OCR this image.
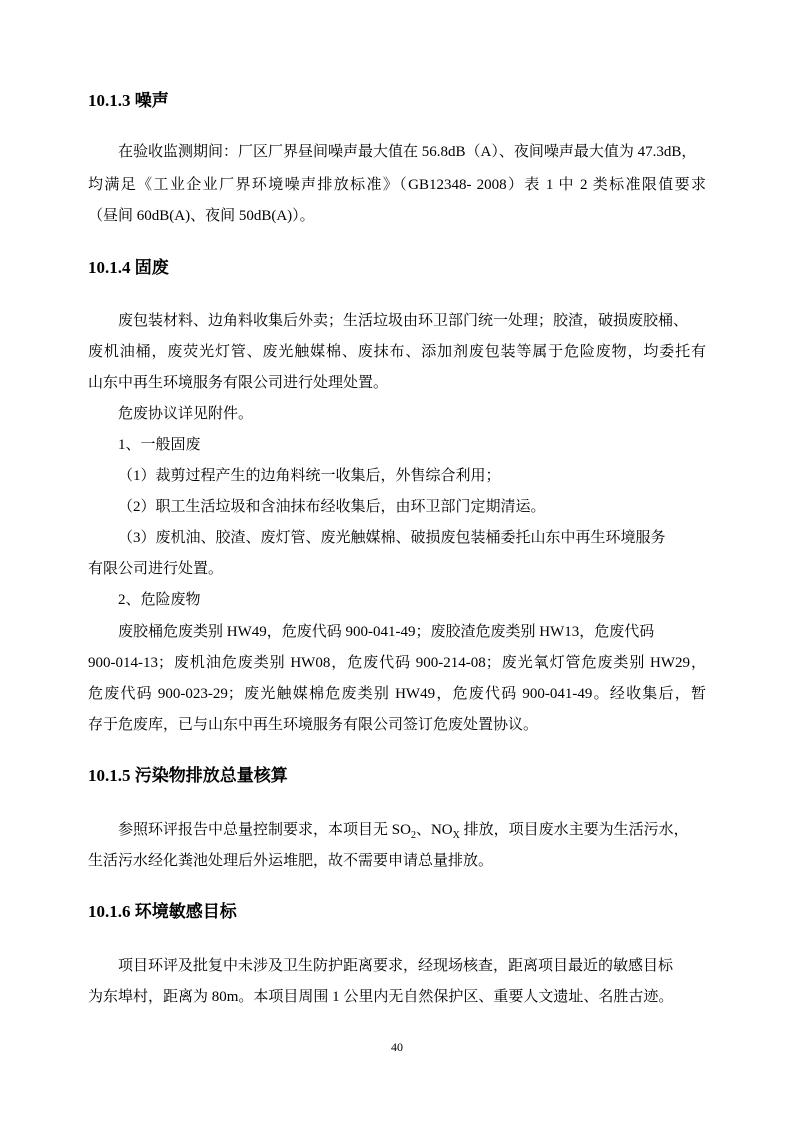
10.1.3 噪声
在验收监测期间：厂区厂界昼间噪声最大值在 56.8dB（A）、夜间噪声最大值为 47.3dB，
均满足《工业企业厂界环境噪声排放标准》（GB12348- 2008）表 1 中 2 类标准限值要求
（昼间 60dB(A)、夜间 50dB(A)）。
10.1.4 固废
废包装材料、边角料收集后外卖；生活垃圾由环卫部门统一处理；胶渣，破损废胶桶、
废机油桶，废荧光灯管、废光触媒棉、废抹布、添加剂废包装等属于危险废物，均委托有
山东中再生环境服务有限公司进行处理处置。
危废协议详见附件。
1、一般固废
（1）裁剪过程产生的边角料统一收集后，外售综合利用；
（2）职工生活垃圾和含油抹布经收集后，由环卫部门定期清运。
（3）废机油、胶渣、废灯管、废光触媒棉、破损废包装桶委托山东中再生环境服务
有限公司进行处置。
2、危险废物
废胶桶危废类别 HW49，危废代码 900-041-49；废胶渣危废类别 HW13，危废代码
900-014-13；废机油危废类别 HW08，危废代码 900-214-08；废光氧灯管危废类别 HW29，
危废代码 900-023-29；废光触媒棉危废类别 HW49，危废代码 900-041-49。经收集后，暂
存于危废库，已与山东中再生环境服务有限公司签订危废处置协议。
10.1.5 污染物排放总量核算
参照环评报告中总量控制要求，本项目无 $SO_2$、$NO_X$ 排放，项目废水主要为生活污水，
生活污水经化粪池处理后外运堆肥，故不需要申请总量排放。
10.1.6 环境敏感目标
项目环评及批复中未涉及卫生防护距离要求，经现场核查，距离项目最近的敏感目标
为东埠村，距离为 80m。本项目周围 1 公里内无自然保护区、重要人文遗址、名胜古迹。
40
